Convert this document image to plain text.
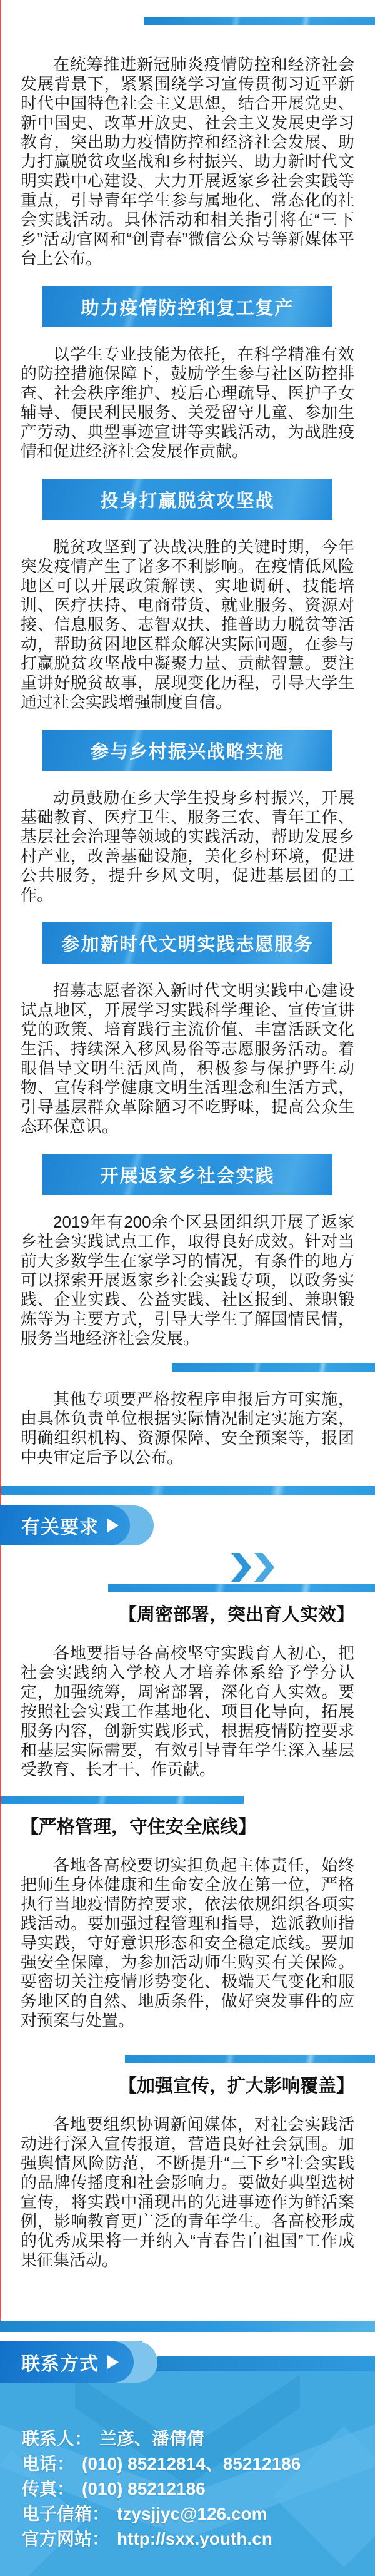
在统筹推进新冠肺炎疫情防控和经济社会发展背景下，紧紧围绕学习宣传贯彻习近平新时代中国特色社会主义思想，结合开展党史、新中国史、改革开放史、社会主义发展史学习教育，突出助力疫情防控和经济社会发展、助力打赢脱贫攻坚战和乡村振兴、助力新时代文明实践中心建设、大力开展返家乡社会实践等重点，引导青年学生参与属地化、常态化的社会实践活动。具体活动和相关指引将在“三下乡”活动官网和“创青春”微信公众号等新媒体平台上公布。

助力疫情防控和复工复产

以学生专业技能为依托，在科学精准有效的防控措施保障下，鼓励学生参与社区防控排查、社会秩序维护、疫后心理疏导、医护子女辅导、便民利民服务、关爱留守儿童、参加生产劳动、典型事迹宣讲等实践活动，为战胜疫情和促进经济社会发展作贡献。

投身打赢脱贫攻坚战

脱贫攻坚到了决战决胜的关键时期，今年突发疫情产生了诸多不利影响。在疫情低风险地区可以开展政策解读、实地调研、技能培训、医疗扶持、电商带货、就业服务、资源对接、信息服务、志智双扶、推普助力脱贫等活动，帮助贫困地区群众解决实际问题，在参与打赢脱贫攻坚战中凝聚力量、贡献智慧。要注重讲好脱贫故事，展现变化历程，引导大学生通过社会实践增强制度自信。

参与乡村振兴战略实施

动员鼓励在乡大学生投身乡村振兴，开展基础教育、医疗卫生、服务三农、青年工作、基层社会治理等领域的实践活动，帮助发展乡村产业，改善基础设施，美化乡村环境，促进公共服务，提升乡风文明，促进基层团的工作。

参加新时代文明实践志愿服务

招募志愿者深入新时代文明实践中心建设试点地区，开展学习实践科学理论、宣传宣讲党的政策、培育践行主流价值、丰富活跃文化生活、持续深入移风易俗等志愿服务活动。着眼倡导文明生活风尚，积极参与保护野生动物、宣传科学健康文明生活理念和生活方式，引导基层群众革除陋习不吃野味，提高公众生态环保意识。

开展返家乡社会实践

2019年有200余个区县团组织开展了返家乡社会实践试点工作，取得良好成效。针对当前大多数学生在家学习的情况，有条件的地方可以探索开展返家乡社会实践专项，以政务实践、企业实践、公益实践、社区报到、兼职锻炼等为主要方式，引导大学生了解国情民情，服务当地经济社会发展。

其他专项要严格按程序申报后方可实施，由具体负责单位根据实际情况制定实施方案，明确组织机构、资源保障、安全预案等，报团中央审定后予以公布。

有关要求
【周密部署，突出育人实效】

各地要指导各高校坚守实践育人初心，把社会实践纳入学校人才培养体系给予学分认定，加强统筹，周密部署，深化育人实效。要按照社会实践工作基地化、项目化导向，拓展服务内容，创新实践形式，根据疫情防控要求和基层实际需要，有效引导青年学生深入基层受教育、长才干、作贡献。

【严格管理，守住安全底线】

各地各高校要切实担负起主体责任，始终把师生身体健康和生命安全放在第一位，严格执行当地疫情防控要求，依法依规组织各项实践活动。要加强过程管理和指导，选派教师指导实践，守好意识形态和安全稳定底线。要加强安全保障，为参加活动师生购买有关保险。要密切关注疫情形势变化、极端天气变化和服务地区的自然、地质条件，做好突发事件的应对预案与处置。

【加强宣传，扩大影响覆盖】

各地要组织协调新闻媒体，对社会实践活动进行深入宣传报道，营造良好社会氛围。加强舆情风险防范，不断提升“三下乡”社会实践的品牌传播度和社会影响力。要做好典型选树宣传，将实践中涌现出的先进事迹作为鲜活案例，影响教育更广泛的青年学生。各高校形成的优秀成果将一并纳入“青春告白祖国”工作成果征集活动。

联系方式
联系人： 兰彦、潘倩倩
电话： (010) 85212814、85212186
传真： (010) 85212186
电子信箱： tzysjjyc@126.com
官方网站： http://sxx.youth.cn
